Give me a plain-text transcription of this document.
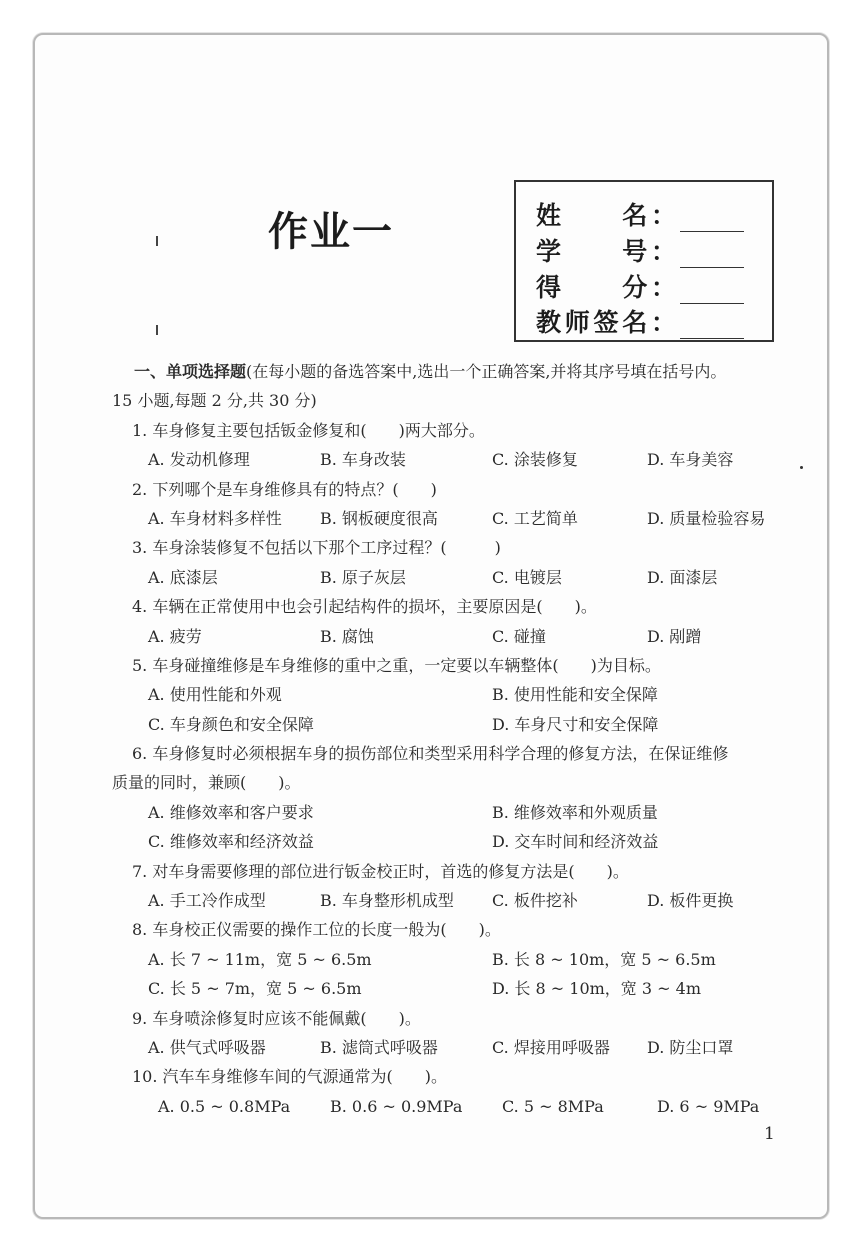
作业一	姓　　名：
学　　号：
得　　分：
教师签名：
一、单项选择题(在每小题的备选答案中,选出一个正确答案,并将其序号填在括号内。
15 小题,每题 2 分,共 30 分)
1. 车身修复主要包括钣金修复和(　　)两大部分。
A. 发动机修理	B. 车身改装	C. 涂装修复	D. 车身美容
2. 下列哪个是车身维修具有的特点？(　　)
A. 车身材料多样性 B. 钢板硬度很高	C. 工艺简单	D. 质量检验容易
3. 车身涂装修复不包括以下那个工序过程？(　　　)
A. 底漆层	B. 原子灰层	C. 电镀层	D. 面漆层
4. 车辆在正常使用中也会引起结构件的损坏，主要原因是(　　)。
A. 疲劳	B. 腐蚀	C. 碰撞	D. 剐蹭
5. 车身碰撞维修是车身维修的重中之重，一定要以车辆整体(　　)为目标。
A. 使用性能和外观	B. 使用性能和安全保障
C. 车身颜色和安全保障	D. 车身尺寸和安全保障
6. 车身修复时必须根据车身的损伤部位和类型采用科学合理的修复方法，在保证维修
质量的同时，兼顾(　　)。
A. 维修效率和客户要求	B. 维修效率和外观质量
C. 维修效率和经济效益	D. 交车时间和经济效益
7. 对车身需要修理的部位进行钣金校正时，首选的修复方法是(　　)。
A. 手工冷作成型	B. 车身整形机成型 C. 板件挖补	D. 板件更换
8. 车身校正仪需要的操作工位的长度一般为(　　)。
A. 长 7 ~ 11m，宽 5 ~ 6.5m	B. 长 8 ~ 10m，宽 5 ~ 6.5m
C. 长 5 ~ 7m，宽 5 ~ 6.5m	D. 长 8 ~ 10m，宽 3 ~ 4m
9. 车身喷涂修复时应该不能佩戴(　　)。
A. 供气式呼吸器	B. 滤筒式呼吸器	C. 焊接用呼吸器 D. 防尘口罩
10. 汽车车身维修车间的气源通常为(　　)。
A. 0.5 ~ 0.8MPa B. 0.6 ~ 0.9MPa C. 5 ~ 8MPa	D. 6 ~ 9MPa
1
